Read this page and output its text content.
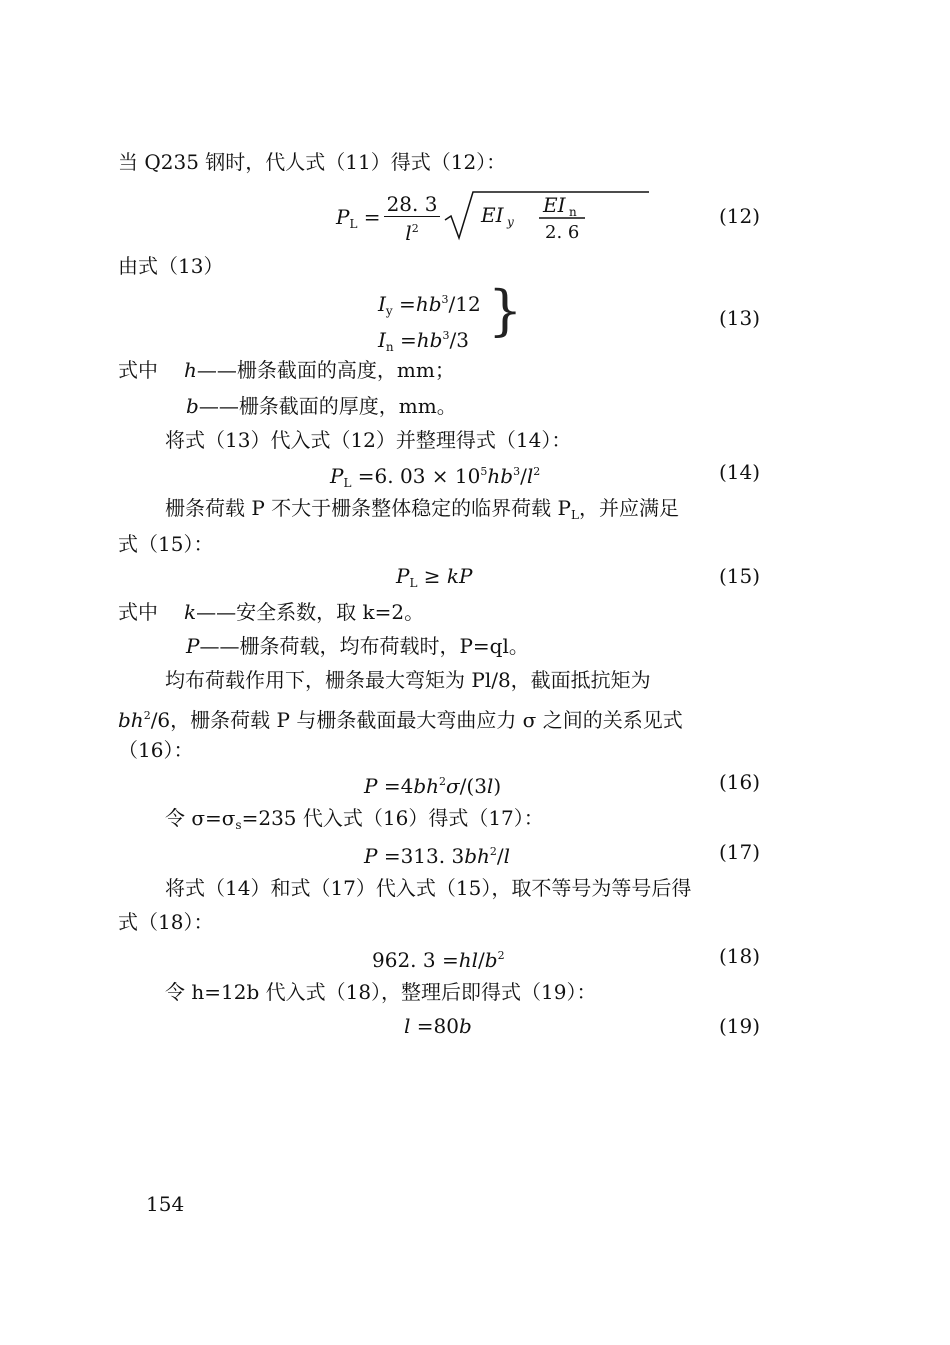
当 Q235 钢时，代人式（11）得式（12）：
$P_L = \frac{28. 3}{l^2}$ EI y
EI n
2. 6
(12)
由式（13）
$I_y =hb^3/12$
$I_n =hb^3/3$ }	(13)
式中 h——栅条截面的高度，mm；
b——栅条截面的厚度，mm。
将式（13）代入式（12）并整理得式（14）：
$P_L =6$. $03 \times 10^5hb^3/l^2$	(14)
栅条荷载 P 不大于栅条整体稳定的临界荷载 $P_L$，并应满足
式（15）：
$P_L$ ≥ kP	(15)
式中 k——安全系数，取 k=2。
P——栅条荷载，均布荷载时，P=ql。
均布荷载作用下，栅条最大弯矩为 Pl/8，截面抵抗矩为
$bh^2/6$，栅条荷载 P 与栅条截面最大弯曲应力 σ 之间的关系见式
（16）：
$P =4bh^2\sigma/(3l)$	(16)
令 $\sigma=\sigma_s=235$ 代入式（16）得式（17）：
P =313. $3bh^2/l$	(17)
将式（14）和式（17）代入式（15），取不等号为等号后得
式（18）：
962. $3 =hl/b^2$	(18)
令 h=12b 代入式（18），整理后即得式（19）：
l =80b	(19)
154
